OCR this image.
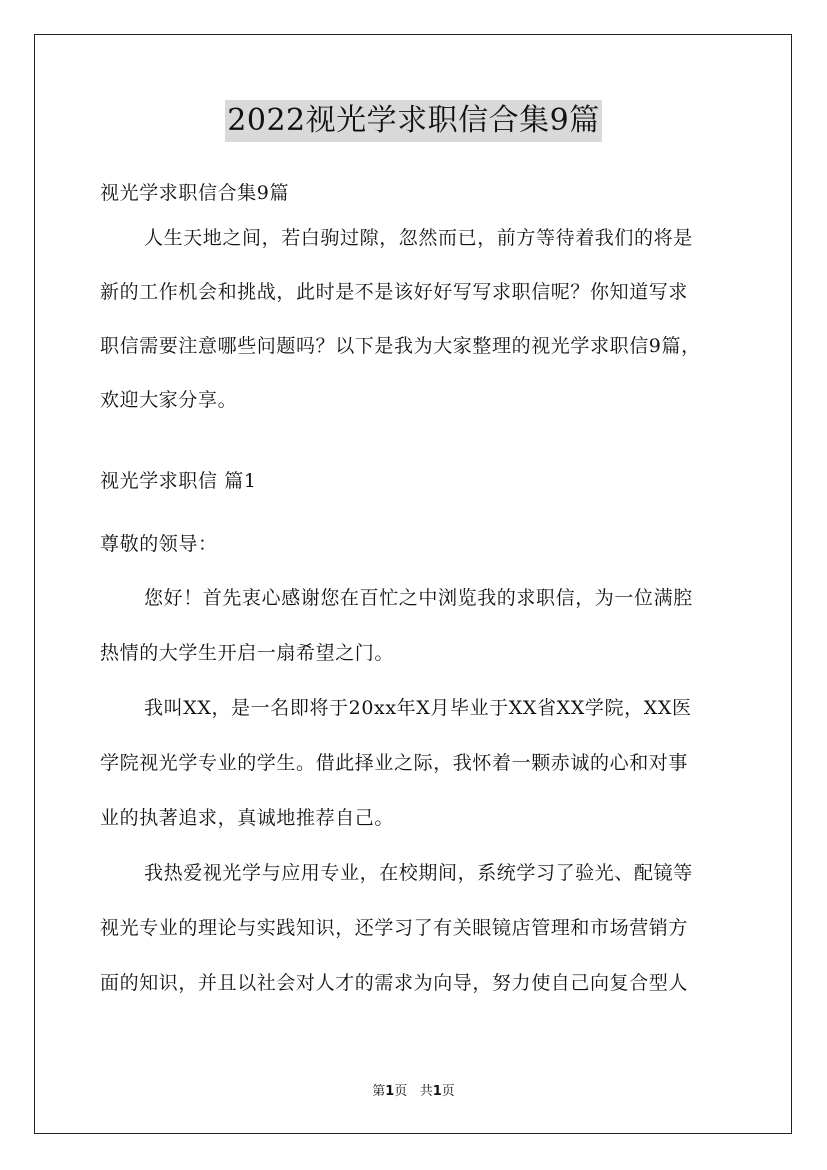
2022视光学求职信合集9篇
视光学求职信合集9篇
人生天地之间，若白驹过隙，忽然而已，前方等待着我们的将是
新的工作机会和挑战，此时是不是该好好写写求职信呢？你知道写求
职信需要注意哪些问题吗？以下是我为大家整理的视光学求职信9篇，
欢迎大家分享。
视光学求职信 篇1
尊敬的领导：
您好！首先衷心感谢您在百忙之中浏览我的求职信，为一位满腔
热情的大学生开启一扇希望之门。
我叫XX，是一名即将于20xx年X月毕业于XX省XX学院，XX医
学院视光学专业的学生。借此择业之际，我怀着一颗赤诚的心和对事
业的执著追求，真诚地推荐自己。
我热爱视光学与应用专业，在校期间，系统学习了验光、配镜等
视光专业的理论与实践知识，还学习了有关眼镜店管理和市场营销方
面的知识，并且以社会对人才的需求为向导，努力使自己向复合型人
第1页   共1页
